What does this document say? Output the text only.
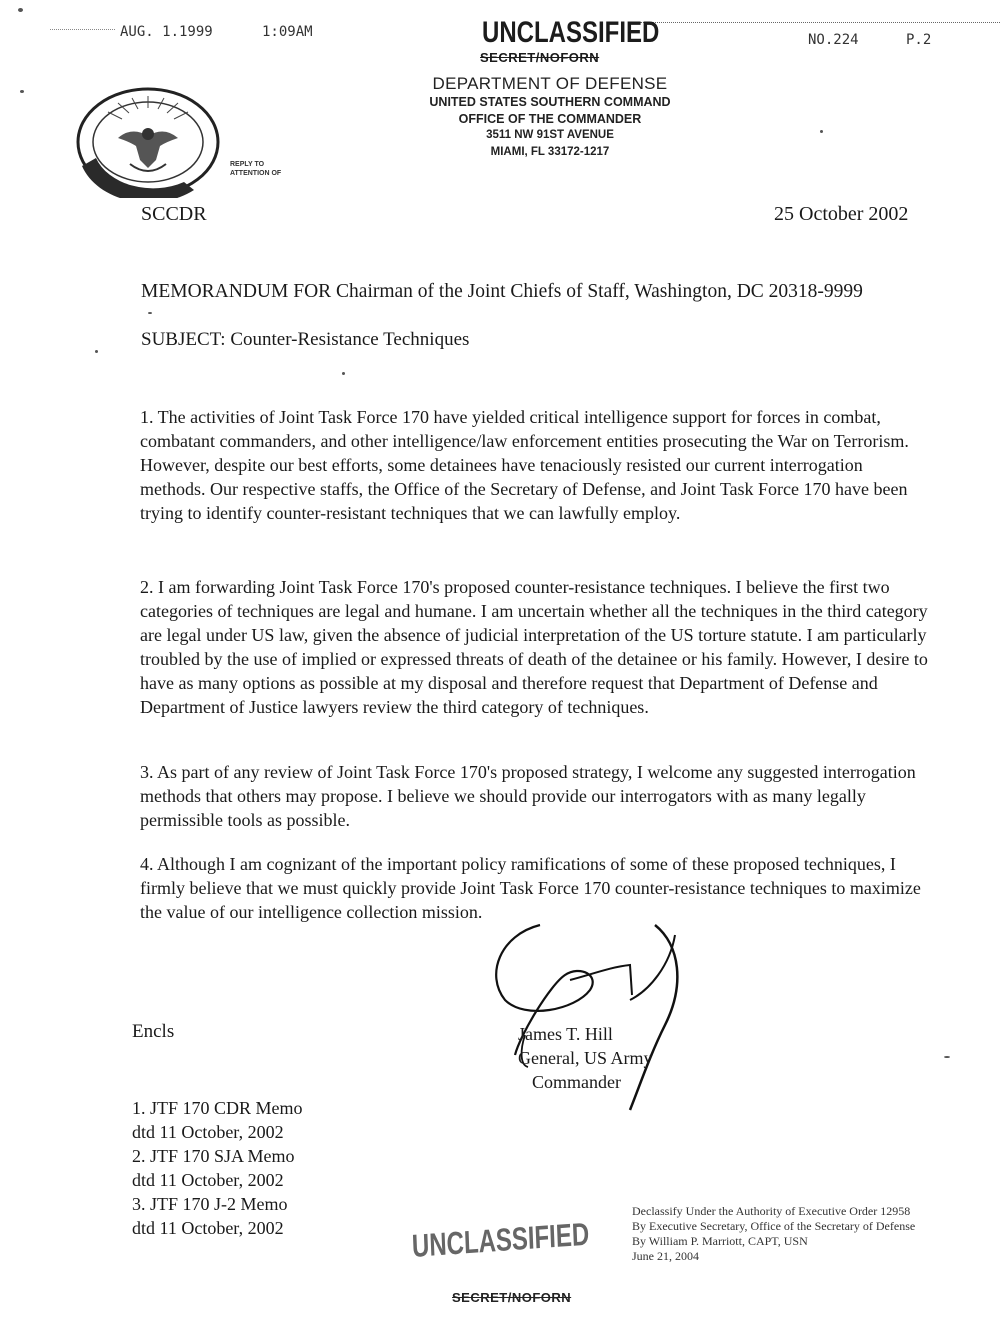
AUG. 1.1999	1:09AM	NO.224	P.2
UNCLASSIFIED
SECRET/NOFORN
DEPARTMENT OF DEFENSE
UNITED STATES SOUTHERN COMMAND
OFFICE OF THE COMMANDER
3511 NW 91ST AVENUE
MIAMI, FL 33172-1217
REPLY TO
ATTENTION OF
SCCDR	25 October 2002
MEMORANDUM FOR Chairman of the Joint Chiefs of Staff, Washington, DC 20318-9999
SUBJECT: Counter-Resistance Techniques
1. The activities of Joint Task Force 170 have yielded critical intelligence support for forces in combat, combatant commanders, and other intelligence/law enforcement entities prosecuting the War on Terrorism. However, despite our best efforts, some detainees have tenaciously resisted our current interrogation methods. Our respective staffs, the Office of the Secretary of Defense, and Joint Task Force 170 have been trying to identify counter-resistant techniques that we can lawfully employ.
2. I am forwarding Joint Task Force 170's proposed counter-resistance techniques. I believe the first two categories of techniques are legal and humane. I am uncertain whether all the techniques in the third category are legal under US law, given the absence of judicial interpretation of the US torture statute. I am particularly troubled by the use of implied or expressed threats of death of the detainee or his family. However, I desire to have as many options as possible at my disposal and therefore request that Department of Defense and Department of Justice lawyers review the third category of techniques.
3. As part of any review of Joint Task Force 170's proposed strategy, I welcome any suggested interrogation methods that others may propose. I believe we should provide our interrogators with as many legally permissible tools as possible.
4. Although I am cognizant of the important policy ramifications of some of these proposed techniques, I firmly believe that we must quickly provide Joint Task Force 170 counter-resistance techniques to maximize the value of our intelligence collection mission.
James T. Hill
General, US Army
Commander
Encls
1. JTF 170 CDR Memo
dtd 11 October, 2002
2. JTF 170 SJA Memo
dtd 11 October, 2002
3. JTF 170 J-2 Memo
dtd 11 October, 2002
Declassify Under the Authority of Executive Order 12958
By Executive Secretary, Office of the Secretary of Defense
By William P. Marriott, CAPT, USN
June 21, 2004
UNCLASSIFIED
SECRET/NOFORN
